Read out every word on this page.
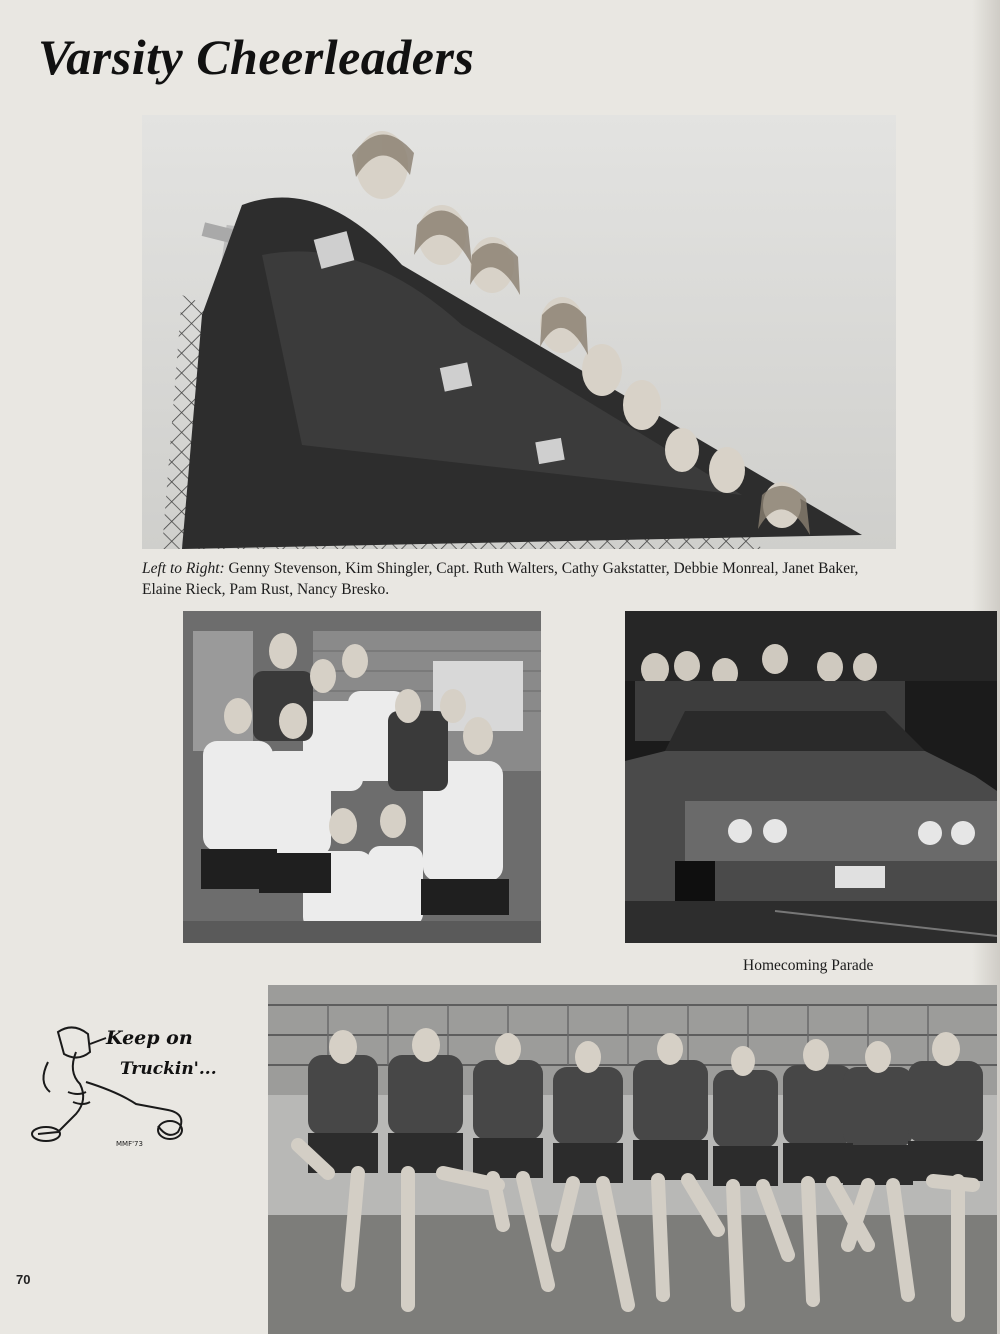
Varsity Cheerleaders
Left to Right: Genny Stevenson, Kim Shingler, Capt. Ruth Walters, Cathy Gakstatter, Debbie Monreal, Janet Baker, Elaine Rieck, Pam Rust, Nancy Bresko.
Homecoming Parade
Keep on
Truckin'...
MMF'73
70
